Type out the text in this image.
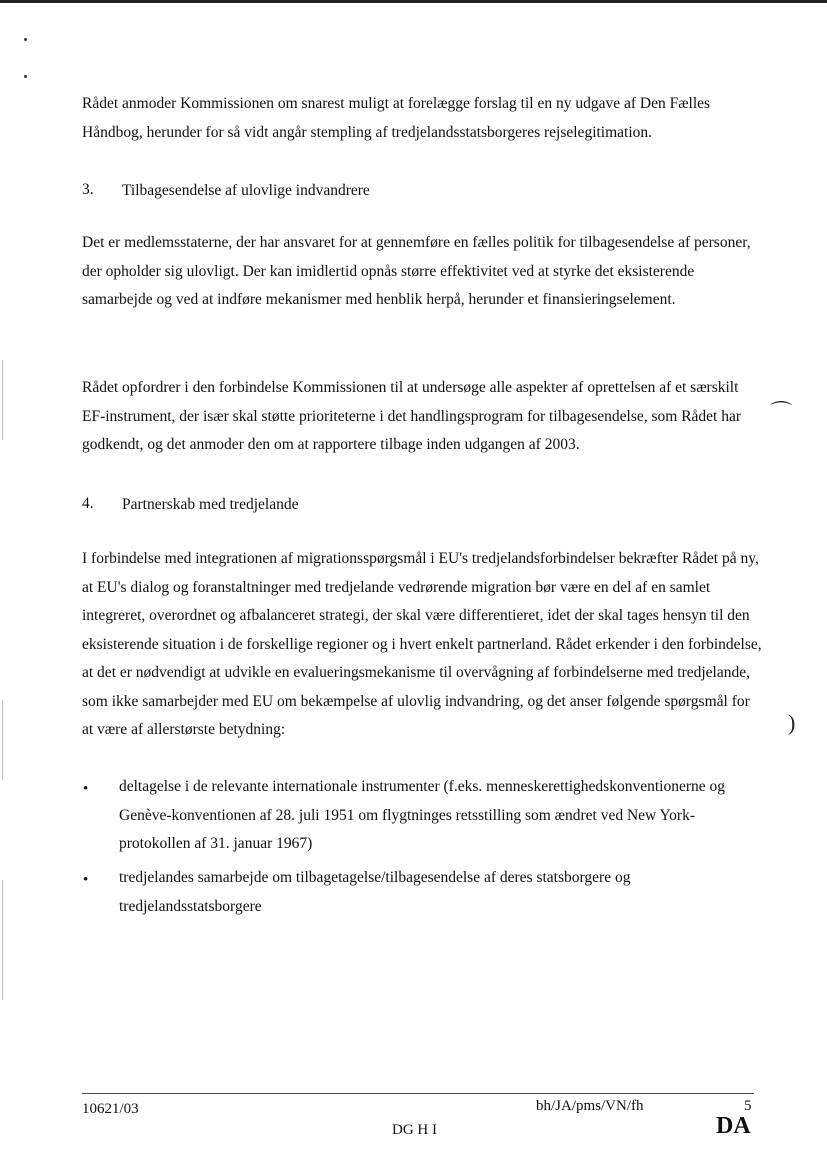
⌒
)

Rådet anmoder Kommissionen om snarest muligt at forelægge forslag til en ny udgave af Den Fælles Håndbog, herunder for så vidt angår stempling af tredjelandsstatsborgeres rejselegitimation.

3. Tilbagesendelse af ulovlige indvandrere

Det er medlemsstaterne, der har ansvaret for at gennemføre en fælles politik for tilbagesendelse af personer, der opholder sig ulovligt. Der kan imidlertid opnås større effektivitet ved at styrke det eksisterende samarbejde og ved at indføre mekanismer med henblik herpå, herunder et finansieringselement.

Rådet opfordrer i den forbindelse Kommissionen til at undersøge alle aspekter af oprettelsen af et særskilt EF-instrument, der især skal støtte prioriteterne i det handlingsprogram for tilbagesendelse, som Rådet har godkendt, og det anmoder den om at rapportere tilbage inden udgangen af 2003.

4. Partnerskab med tredjelande

I forbindelse med integrationen af migrationsspørgsmål i EU's tredjelandsforbindelser bekræfter Rådet på ny, at EU's dialog og foranstaltninger med tredjelande vedrørende migration bør være en del af en samlet integreret, overordnet og afbalanceret strategi, der skal være differentieret, idet der skal tages hensyn til den eksisterende situation i de forskellige regioner og i hvert enkelt partnerland. Rådet erkender i den forbindelse, at det er nødvendigt at udvikle en evalueringsmekanisme til overvågning af forbindelserne med tredjelande, som ikke samarbejder med EU om bekæmpelse af ulovlig indvandring, og det anser følgende spørgsmål for at være af allerstørste betydning:

• deltagelse i de relevante internationale instrumenter (f.eks. menneskerettighedskonventionerne og Genève-konventionen af 28. juli 1951 om flygtninges retsstilling som ændret ved New York-protokollen af 31. januar 1967)

• tredjelandes samarbejde om tilbagetagelse/tilbagesendelse af deres statsborgere og tredjelandsstatsborgere

10621/03	bh/JA/pms/VN/fh	5
DG H I	DA
